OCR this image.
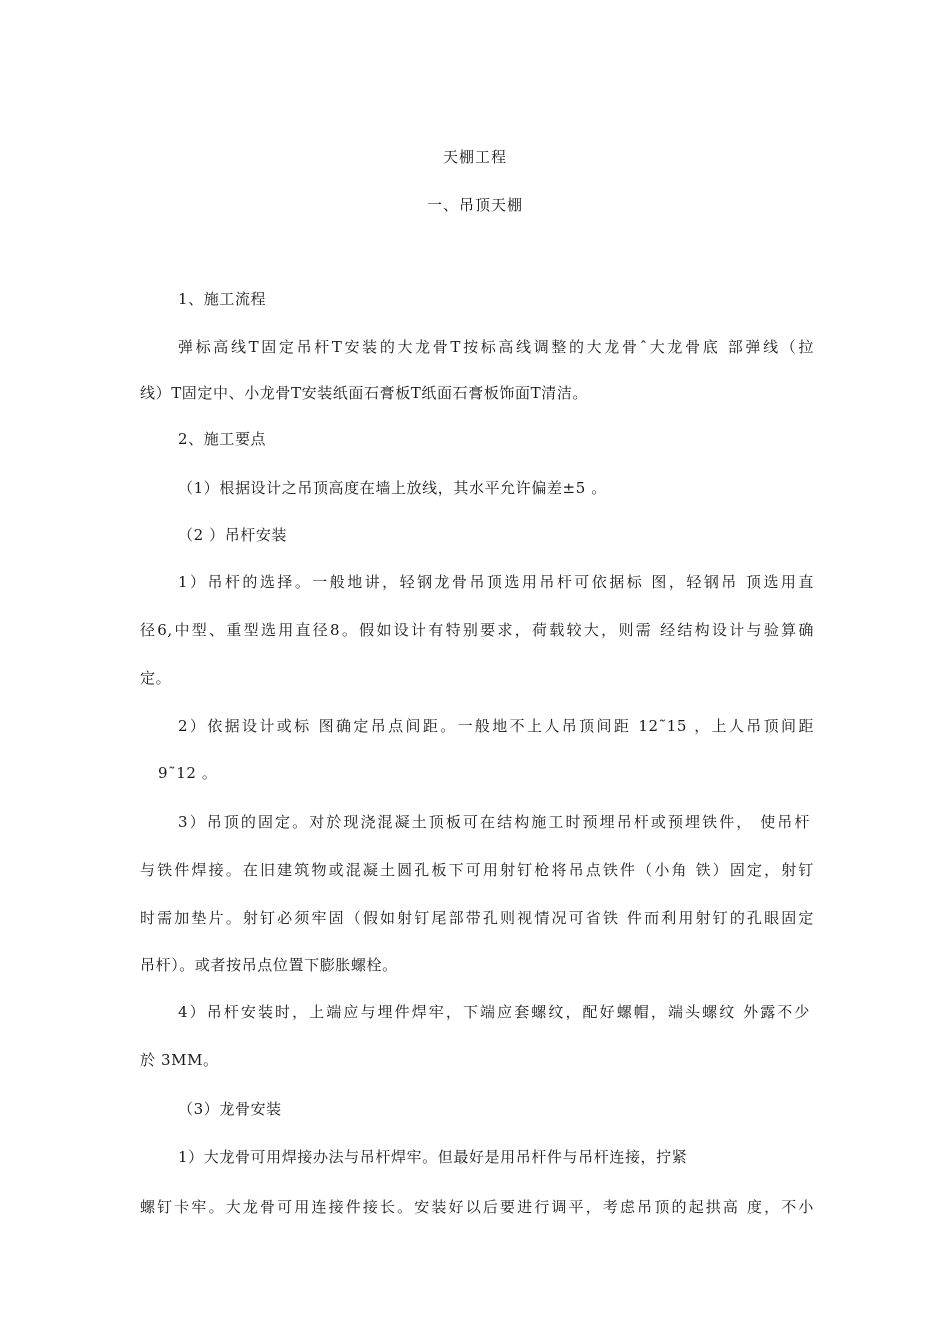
天棚工程
一、吊顶天棚
1、施工流程
弹标高线T固定吊杆T安装的大龙骨T按标高线调整的大龙骨ˆ大龙骨底 部弹线（拉
线）T固定中、小龙骨T安装纸面石膏板T纸面石膏板饰面T清洁。
2、施工要点
（1）根据设计之吊顶高度在墙上放线，其水平允许偏差±5 。
（2 ）吊杆安装
1）吊杆的选择。一般地讲，轻钢龙骨吊顶选用吊杆可依据标 图，轻钢吊 顶选用直
径6,中型、重型选用直径8。假如设计有特别要求，荷载较大，则需 经结构设计与验算确
定。
2）依据设计或标 图确定吊点间距。一般地不上人吊顶间距 12˜15 ，上人吊顶间距
9˜12 。
3）吊顶的固定。对於现浇混凝土顶板可在结构施工时预埋吊杆或预埋铁件， 使吊杆
与铁件焊接。在旧建筑物或混凝土圆孔板下可用射钉枪将吊点铁件（小角 铁）固定，射钉
时需加垫片。射钉必须牢固（假如射钉尾部带孔则视情况可省铁 件而利用射钉的孔眼固定
吊杆）。或者按吊点位置下膨胀螺栓。
4）吊杆安装时，上端应与埋件焊牢，下端应套螺纹，配好螺帽，端头螺纹 外露不少
於 3MM。
（3）龙骨安装
1）大龙骨可用焊接办法与吊杆焊牢。但最好是用吊杆件与吊杆连接，拧紧
螺钉卡牢。大龙骨可用连接件接长。安装好以后要进行调平，考虑吊顶的起拱高 度，不小
